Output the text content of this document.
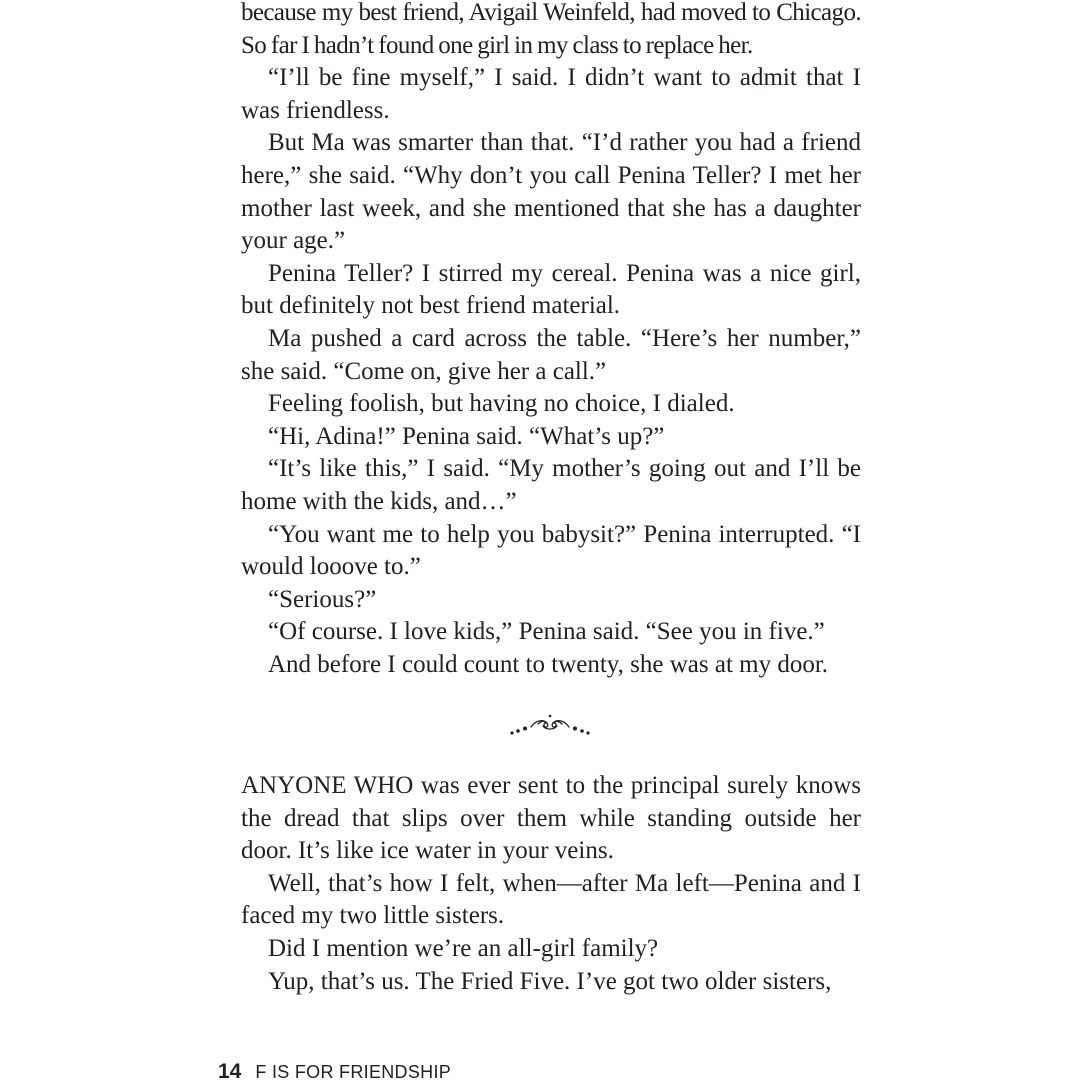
because my best friend, Avigail Weinfeld, had moved to Chicago. So far I hadn’t found one girl in my class to replace her.

“I’ll be fine myself,” I said. I didn’t want to admit that I was friendless.

But Ma was smarter than that. “I’d rather you had a friend here,” she said. “Why don’t you call Penina Teller? I met her mother last week, and she mentioned that she has a daughter your age.”

Penina Teller? I stirred my cereal. Penina was a nice girl, but definitely not best friend material.

Ma pushed a card across the table. “Here’s her number,” she said. “Come on, give her a call.”

Feeling foolish, but having no choice, I dialed.

“Hi, Adina!” Penina said. “What’s up?”

“It’s like this,” I said. “My mother’s going out and I’ll be home with the kids, and…”

“You want me to help you babysit?” Penina interrupted. “I would looove to.”

“Serious?”

“Of course. I love kids,” Penina said. “See you in five.”

And before I could count to twenty, she was at my door.

ANYONE WHO was ever sent to the principal surely knows the dread that slips over them while standing outside her door. It’s like ice water in your veins.

Well, that’s how I felt, when—after Ma left—Penina and I faced my two little sisters.

Did I mention we’re an all-girl family?

Yup, that’s us. The Fried Five. I’ve got two older sisters,

14 F IS FOR FRIENDSHIP
